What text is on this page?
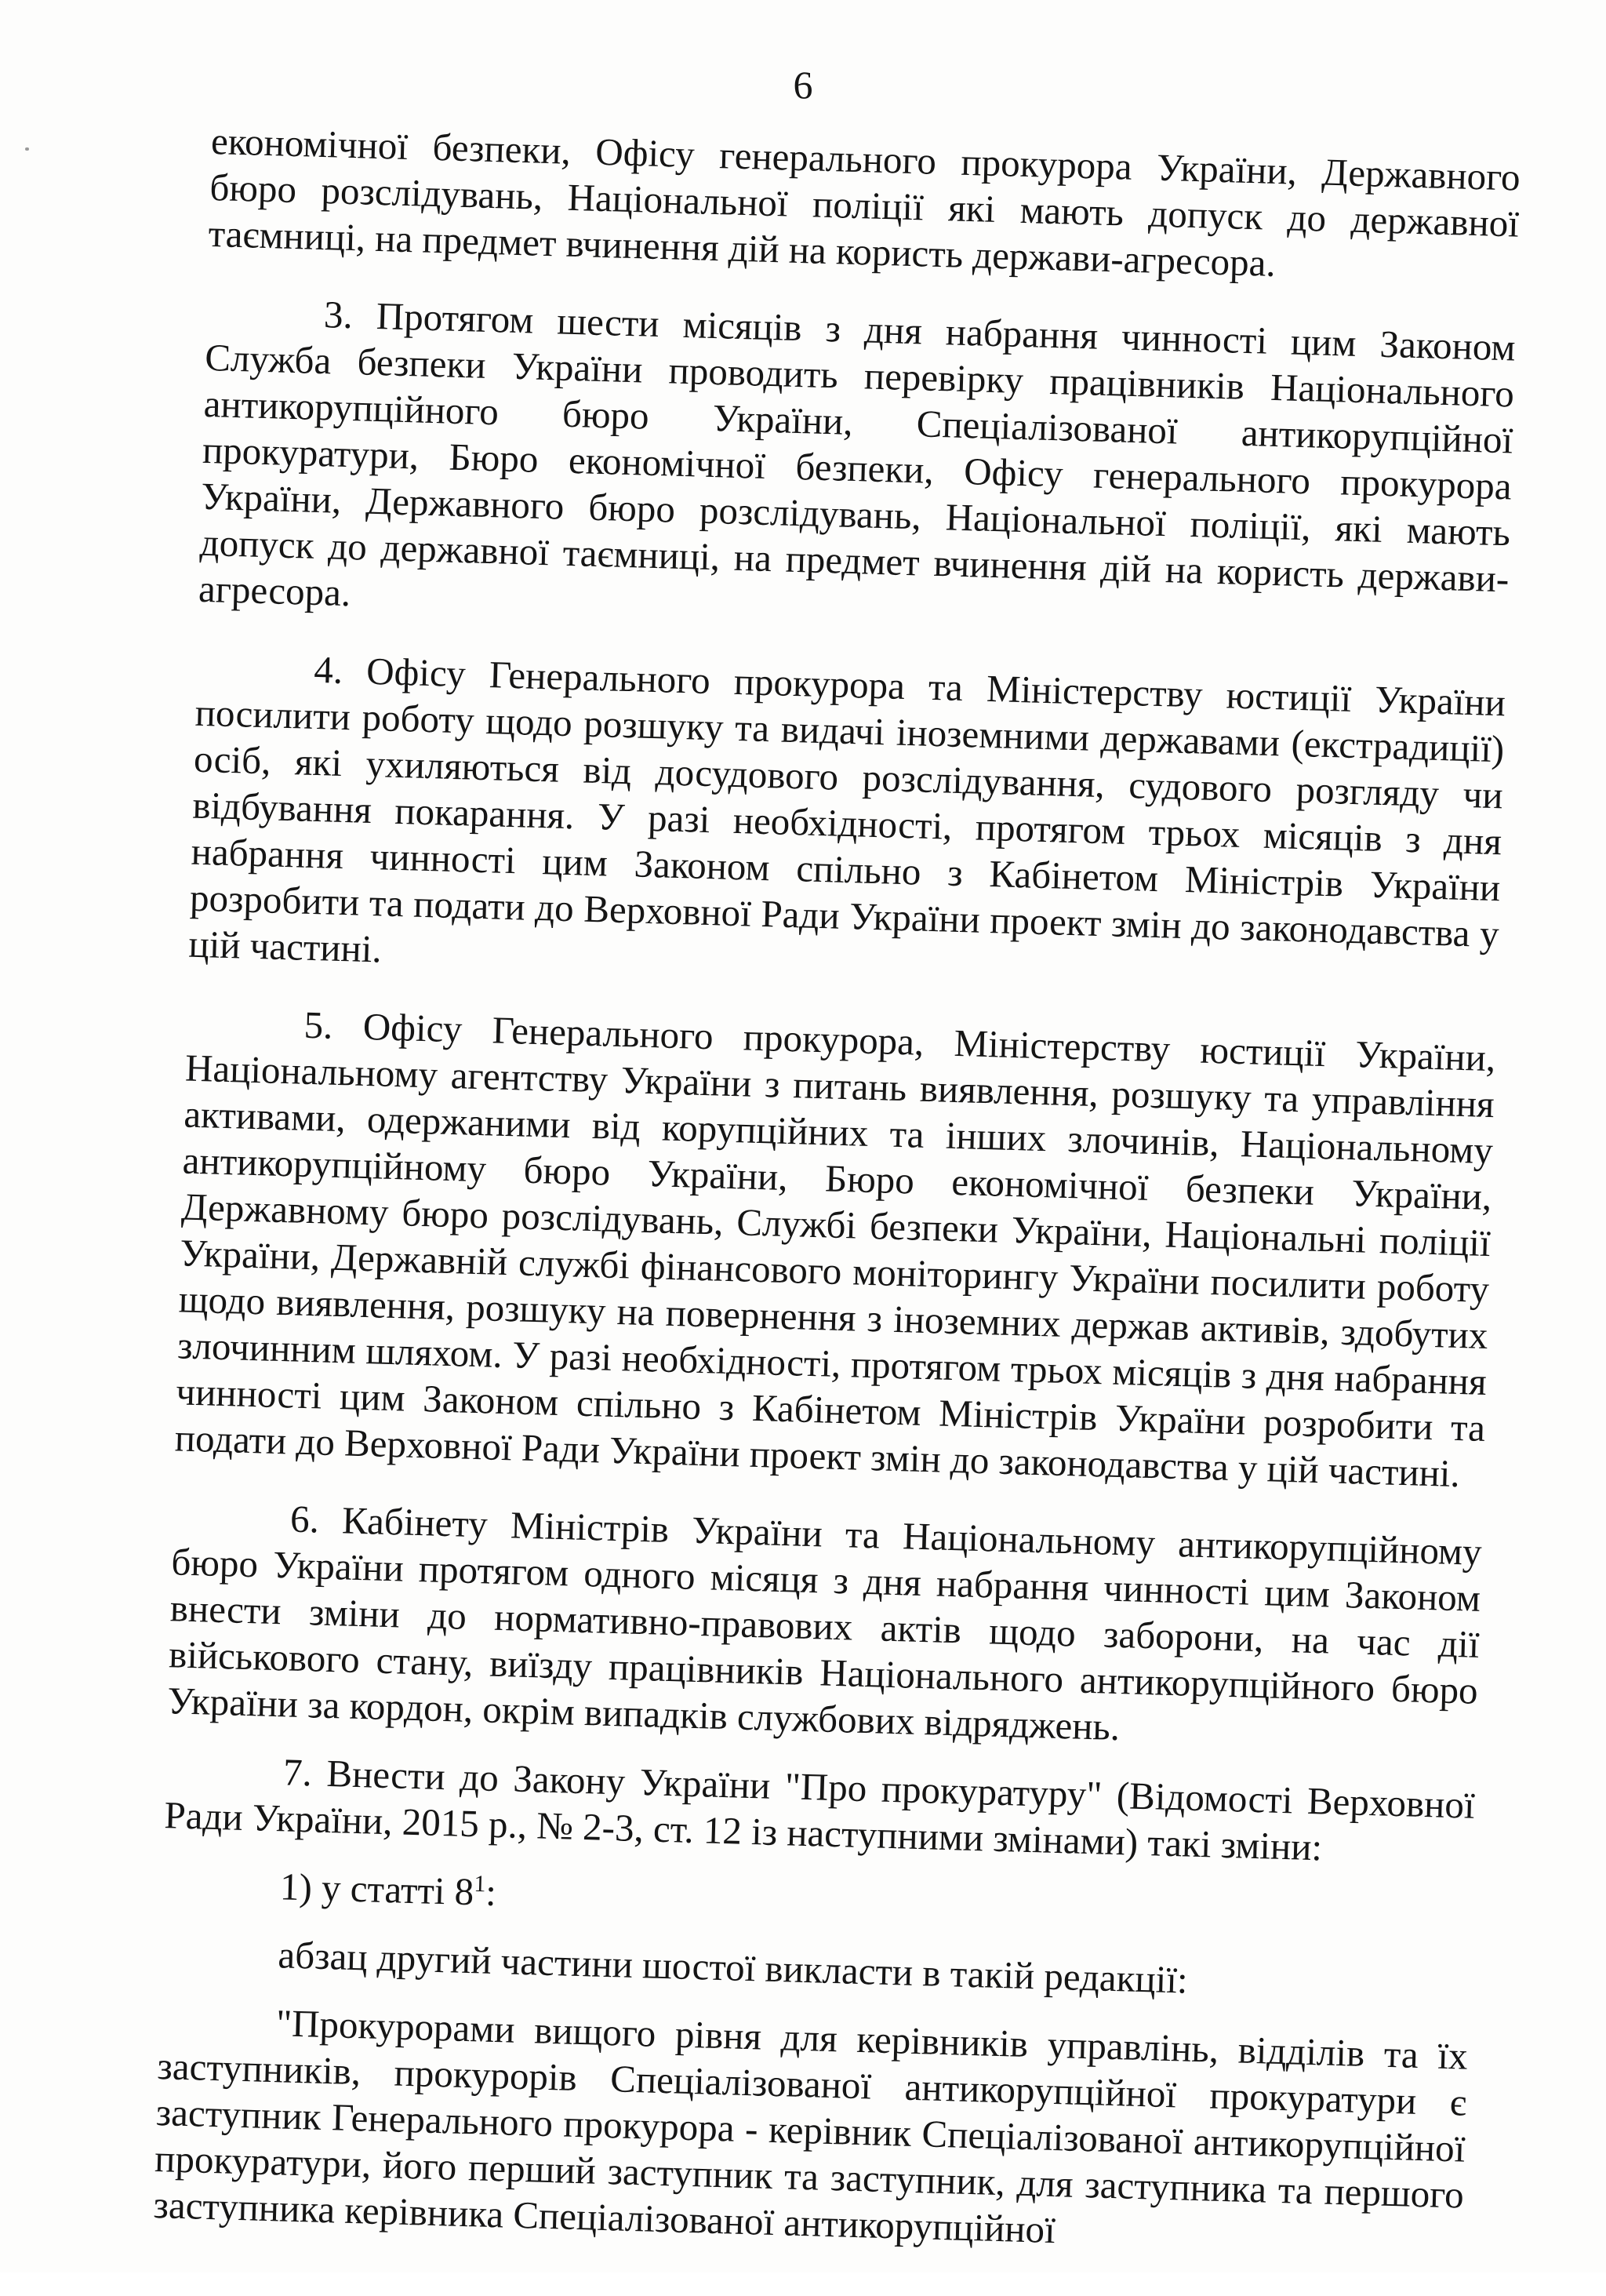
6

економічної безпеки, Офісу генерального прокурора України, Державного бюро розслідувань, Національної поліції які мають допуск до державної таємниці, на предмет вчинення дій на користь держави-агресора.

3. Протягом шести місяців з дня набрання чинності цим Законом Служба безпеки України проводить перевірку працівників Національного антикорупційного бюро України, Спеціалізованої антикорупційної прокуратури, Бюро економічної безпеки, Офісу генерального прокурора України, Державного бюро розслідувань, Національної поліції, які мають допуск до державної таємниці, на предмет вчинення дій на користь держави-агресора.

4. Офісу Генерального прокурора та Міністерству юстиції України посилити роботу щодо розшуку та видачі іноземними державами (екстрадиції) осіб, які ухиляються від досудового розслідування, судового розгляду чи відбування покарання. У разі необхідності, протягом трьох місяців з дня набрання чинності цим Законом спільно з Кабінетом Міністрів України розробити та подати до Верховної Ради України проект змін до законодавства у цій частині.

5. Офісу Генерального прокурора, Міністерству юстиції України, Національному агентству України з питань виявлення, розшуку та управління активами, одержаними від корупційних та інших злочинів, Національному антикорупційному бюро України, Бюро економічної безпеки України, Державному бюро розслідувань, Службі безпеки України, Національні поліції України, Державній службі фінансового моніторингу України посилити роботу щодо виявлення, розшуку на повернення з іноземних держав активів, здобутих злочинним шляхом. У разі необхідності, протягом трьох місяців з дня набрання чинності цим Законом спільно з Кабінетом Міністрів України розробити та подати до Верховної Ради України проект змін до законодавства у цій частині.

6. Кабінету Міністрів України та Національному антикорупційному бюро України протягом одного місяця з дня набрання чинності цим Законом внести зміни до нормативно-правових актів щодо заборони, на час дії військового стану, виїзду працівників Національного антикорупційного бюро України за кордон, окрім випадків службових відряджень.

7. Внести до Закону України "Про прокуратуру" (Відомості Верховної Ради України, 2015 р., № 2-3, ст. 12 із наступними змінами) такі зміни:

1) у статті $8^1$:

абзац другий частини шостої викласти в такій редакції:

"Прокурорами вищого рівня для керівників управлінь, відділів та їх заступників, прокурорів Спеціалізованої антикорупційної прокуратури є заступник Генерального прокурора - керівник Спеціалізованої антикорупційної прокуратури, його перший заступник та заступник, для заступника та першого заступника керівника Спеціалізованої антикорупційної
